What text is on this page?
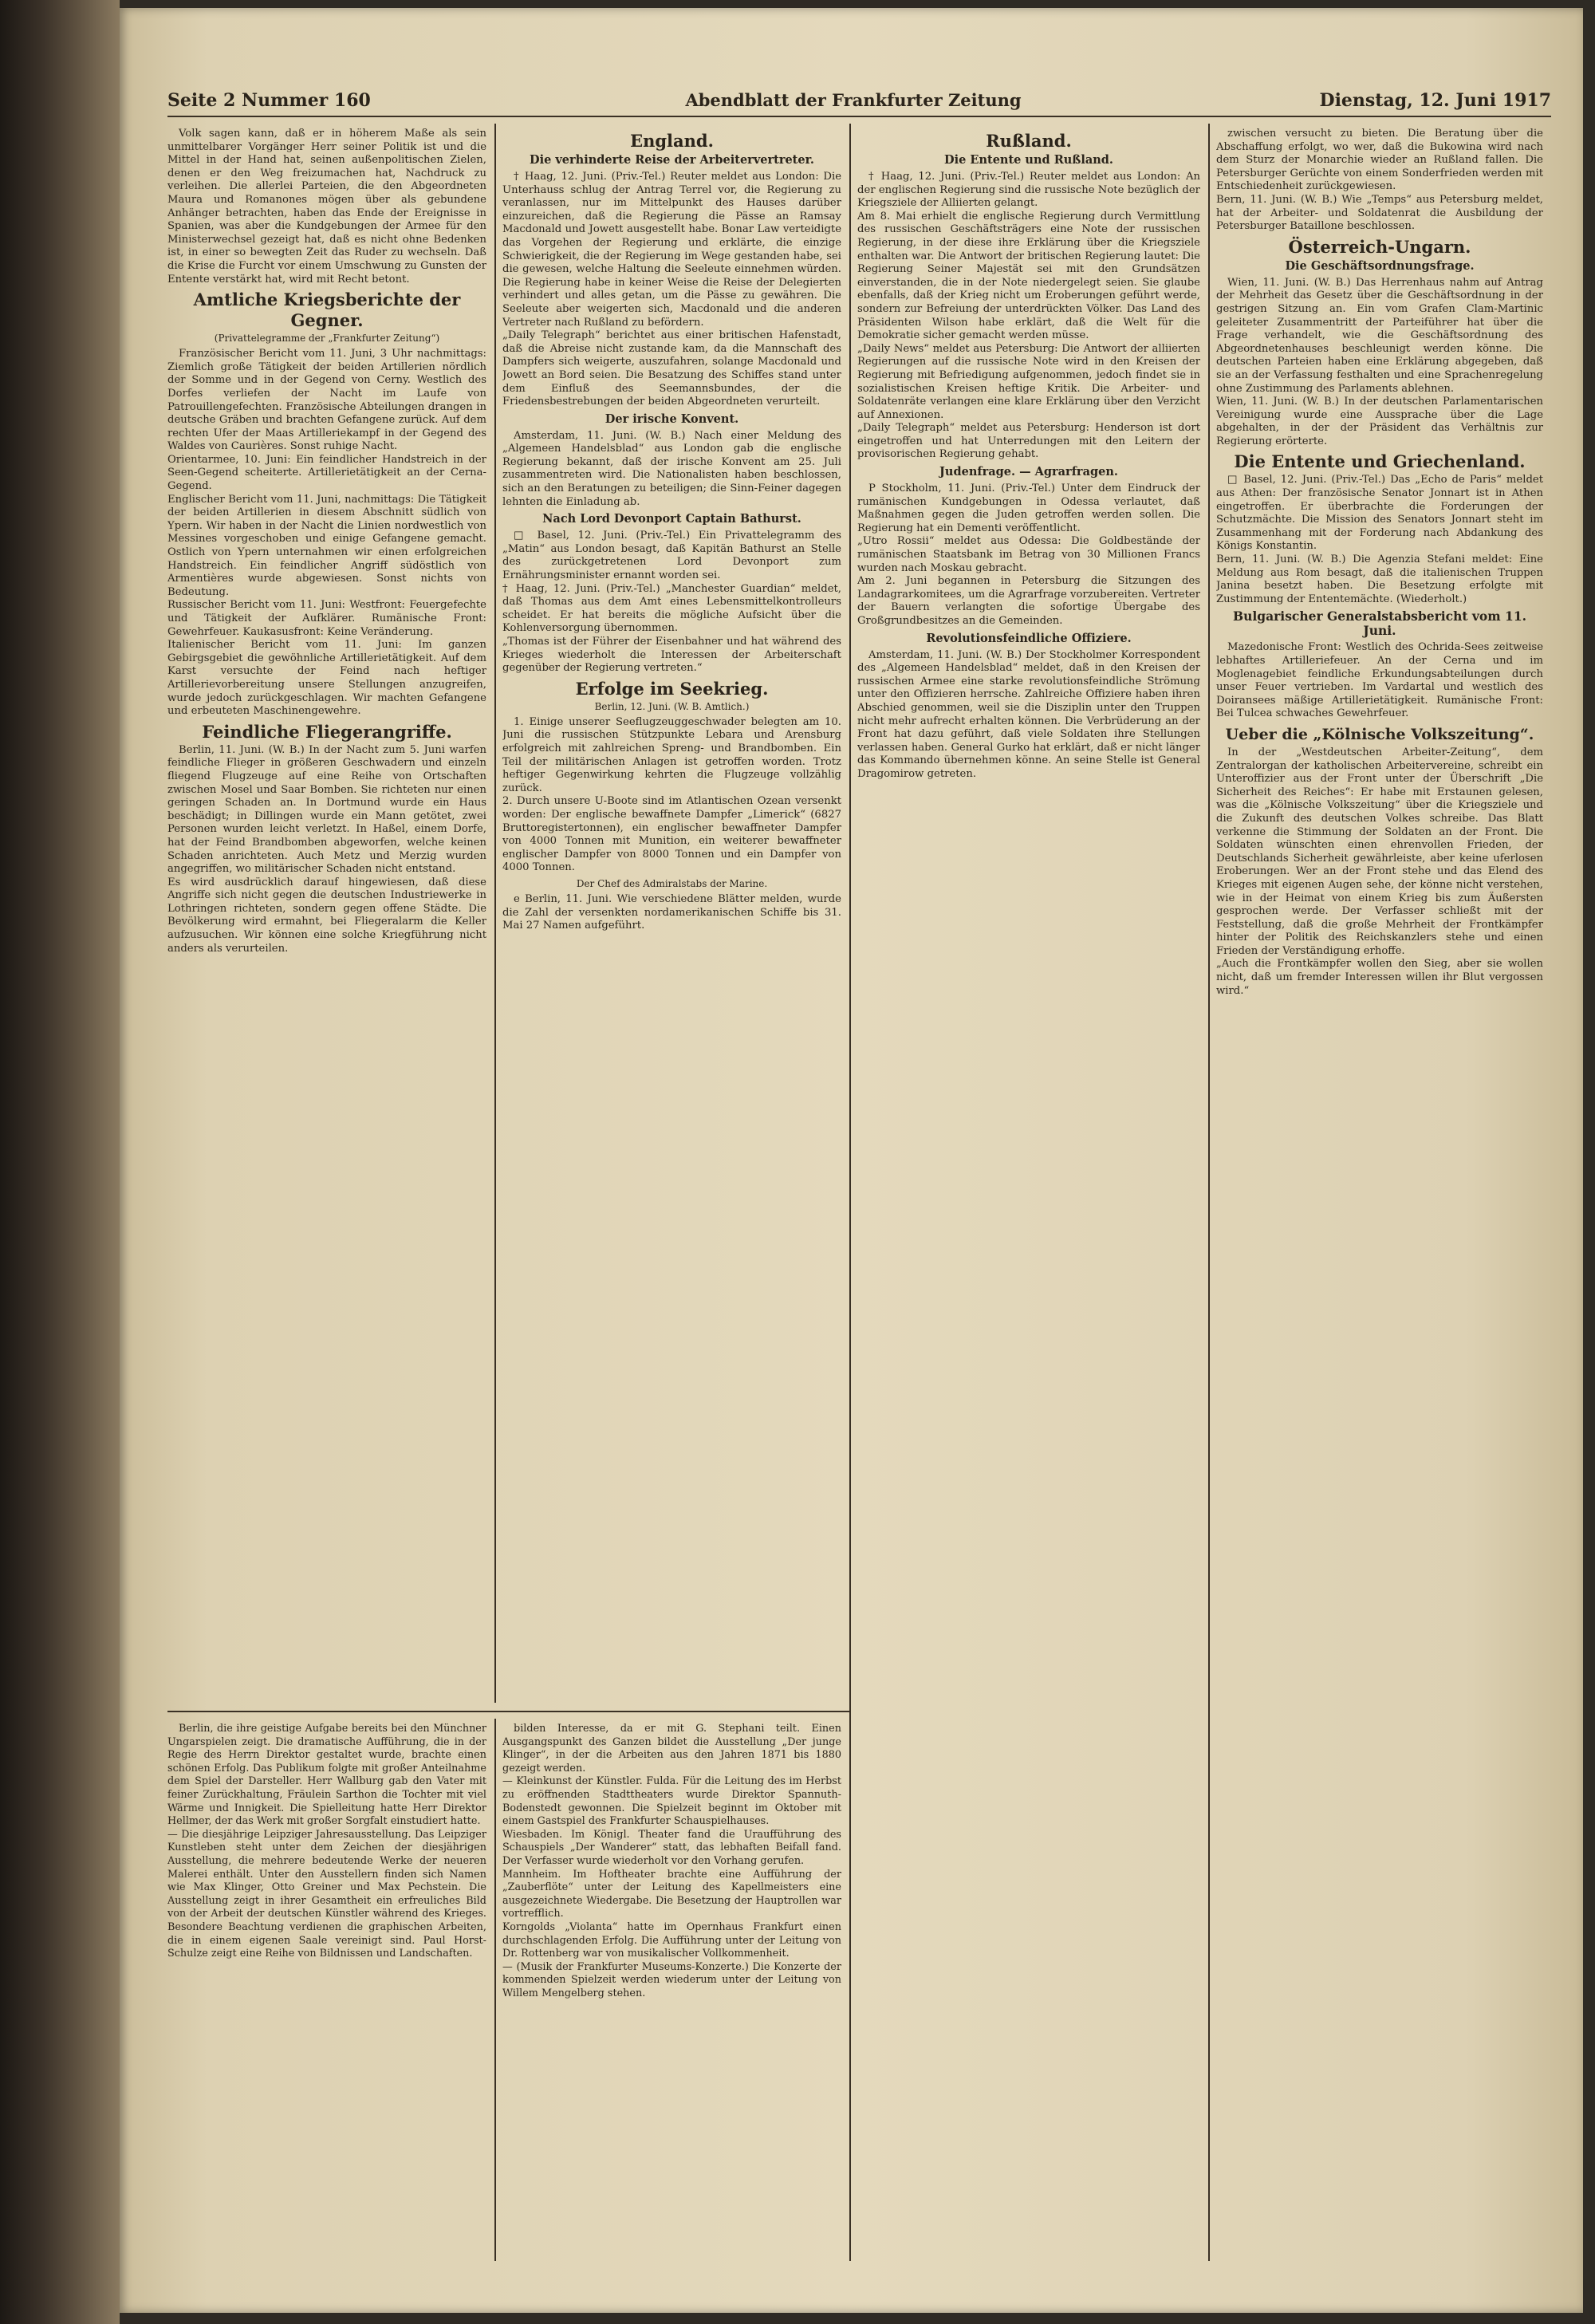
Seite 2 Nummer 160	Abendblatt der Frankfurter Zeitung	Dienstag, 12. Juni 1917

Volk sagen kann, daß er in höherem Maße als sein unmittelbarer Vorgänger Herr seiner Politik ist und die Mittel in der Hand hat, seinen außenpolitischen Zielen, denen er den Weg freizumachen hat, Nachdruck zu verleihen. Die allerlei Parteien, die den Abgeordneten Maura und Romanones mögen über als gebundene Anhänger betrachten, haben das Ende der Ereignisse in Spanien, was aber die Kundgebungen der Armee für den Ministerwechsel gezeigt hat, daß es nicht ohne Bedenken ist, in einer so bewegten Zeit das Ruder zu wechseln. Daß die Krise die Furcht vor einem Umschwung zu Gunsten der Entente verstärkt hat, wird mit Recht betont.

Amtliche Kriegsberichte der Gegner.
(Privattelegramme der „Frankfurter Zeitung“)

Französischer Bericht vom 11. Juni, 3 Uhr nachmittags: Ziemlich große Tätigkeit der beiden Artillerien nördlich der Somme und in der Gegend von Cerny. Westlich des Dorfes verliefen der Nacht im Laufe von Patrouillengefechten. Französische Abteilungen drangen in deutsche Gräben und brachten Gefangene zurück. Auf dem rechten Ufer der Maas Artilleriekampf in der Gegend des Waldes von Caurières. Sonst ruhige Nacht.
Orientarmee, 10. Juni: Ein feindlicher Handstreich in der Seen-Gegend scheiterte. Artillerietätigkeit an der Cerna-Gegend.
Englischer Bericht vom 11. Juni, nachmittags: Die Tätigkeit der beiden Artillerien in diesem Abschnitt südlich von Ypern. Wir haben in der Nacht die Linien nordwestlich von Messines vorgeschoben und einige Gefangene gemacht. Ostlich von Ypern unternahmen wir einen erfolgreichen Handstreich. Ein feindlicher Angriff südöstlich von Armentières wurde abgewiesen. Sonst nichts von Bedeutung.
Russischer Bericht vom 11. Juni: Westfront: Feuergefechte und Tätigkeit der Aufklärer. Rumänische Front: Gewehrfeuer. Kaukasusfront: Keine Veränderung.
Italienischer Bericht vom 11. Juni: Im ganzen Gebirgsgebiet die gewöhnliche Artillerietätigkeit. Auf dem Karst versuchte der Feind nach heftiger Artillerievorbereitung unsere Stellungen anzugreifen, wurde jedoch zurückgeschlagen. Wir machten Gefangene und erbeuteten Maschinengewehre.

Feindliche Fliegerangriffe.

Berlin, 11. Juni. (W. B.) In der Nacht zum 5. Juni warfen feindliche Flieger in größeren Geschwadern und einzeln fliegend Flugzeuge auf eine Reihe von Ortschaften zwischen Mosel und Saar Bomben. Sie richteten nur einen geringen Schaden an. In Dortmund wurde ein Haus beschädigt; in Dillingen wurde ein Mann getötet, zwei Personen wurden leicht verletzt. In Haßel, einem Dorfe, hat der Feind Brandbomben abgeworfen, welche keinen Schaden anrichteten. Auch Metz und Merzig wurden angegriffen, wo militärischer Schaden nicht entstand.
Es wird ausdrücklich darauf hingewiesen, daß diese Angriffe sich nicht gegen die deutschen Industriewerke in Lothringen richteten, sondern gegen offene Städte. Die Bevölkerung wird ermahnt, bei Fliegeralarm die Keller aufzusuchen. Wir können eine solche Kriegführung nicht anders als verurteilen.

England.
Die verhinderte Reise der Arbeitervertreter.

† Haag, 12. Juni. (Priv.-Tel.) Reuter meldet aus London: Die Unterhauss schlug der Antrag Terrel vor, die Regierung zu veranlassen, nur im Mittelpunkt des Hauses darüber einzureichen, daß die Regierung die Pässe an Ramsay Macdonald und Jowett ausgestellt habe. Bonar Law verteidigte das Vorgehen der Regierung und erklärte, die einzige Schwierigkeit, die der Regierung im Wege gestanden habe, sei die gewesen, welche Haltung die Seeleute einnehmen würden. Die Regierung habe in keiner Weise die Reise der Delegierten verhindert und alles getan, um die Pässe zu gewähren. Die Seeleute aber weigerten sich, Macdonald und die anderen Vertreter nach Rußland zu befördern.
„Daily Telegraph“ berichtet aus einer britischen Hafenstadt, daß die Abreise nicht zustande kam, da die Mannschaft des Dampfers sich weigerte, auszufahren, solange Macdonald und Jowett an Bord seien. Die Besatzung des Schiffes stand unter dem Einfluß des Seemannsbundes, der die Friedensbestrebungen der beiden Abgeordneten verurteilt.

Der irische Konvent.

Amsterdam, 11. Juni. (W. B.) Nach einer Meldung des „Algemeen Handelsblad“ aus London gab die englische Regierung bekannt, daß der irische Konvent am 25. Juli zusammentreten wird. Die Nationalisten haben beschlossen, sich an den Beratungen zu beteiligen; die Sinn-Feiner dagegen lehnten die Einladung ab.

Nach Lord Devonport Captain Bathurst.

□ Basel, 12. Juni. (Priv.-Tel.) Ein Privattelegramm des „Matin“ aus London besagt, daß Kapitän Bathurst an Stelle des zurückgetretenen Lord Devonport zum Ernährungsminister ernannt worden sei.
† Haag, 12. Juni. (Priv.-Tel.) „Manchester Guardian“ meldet, daß Thomas aus dem Amt eines Lebensmittelkontrolleurs scheidet. Er hat bereits die mögliche Aufsicht über die Kohlenversorgung übernommen.
„Thomas ist der Führer der Eisenbahner und hat während des Krieges wiederholt die Interessen der Arbeiterschaft gegenüber der Regierung vertreten.“

Erfolge im Seekrieg.
Berlin, 12. Juni. (W. B. Amtlich.)

1. Einige unserer Seeflugzeuggeschwader belegten am 10. Juni die russischen Stützpunkte Lebara und Arensburg erfolgreich mit zahlreichen Spreng- und Brandbomben. Ein Teil der militärischen Anlagen ist getroffen worden. Trotz heftiger Gegenwirkung kehrten die Flugzeuge vollzählig zurück.
2. Durch unsere U-Boote sind im Atlantischen Ozean versenkt worden: Der englische bewaffnete Dampfer „Limerick“ (6827 Bruttoregistertonnen), ein englischer bewaffneter Dampfer von 4000 Tonnen mit Munition, ein weiterer bewaffneter englischer Dampfer von 8000 Tonnen und ein Dampfer von 4000 Tonnen.

Der Chef des Admiralstabs der Marine.

e Berlin, 11. Juni. Wie verschiedene Blätter melden, wurde die Zahl der versenkten nordamerikanischen Schiffe bis 31. Mai 27 Namen aufgeführt.

Rußland.
Die Entente und Rußland.

† Haag, 12. Juni. (Priv.-Tel.) Reuter meldet aus London: An der englischen Regierung sind die russische Note bezüglich der Kriegsziele der Alliierten gelangt.
Am 8. Mai erhielt die englische Regierung durch Vermittlung des russischen Geschäftsträgers eine Note der russischen Regierung, in der diese ihre Erklärung über die Kriegsziele enthalten war. Die Antwort der britischen Regierung lautet: Die Regierung Seiner Majestät sei mit den Grundsätzen einverstanden, die in der Note niedergelegt seien. Sie glaube ebenfalls, daß der Krieg nicht um Eroberungen geführt werde, sondern zur Befreiung der unterdrückten Völker. Das Land des Präsidenten Wilson habe erklärt, daß die Welt für die Demokratie sicher gemacht werden müsse.
„Daily News“ meldet aus Petersburg: Die Antwort der alliierten Regierungen auf die russische Note wird in den Kreisen der Regierung mit Befriedigung aufgenommen, jedoch findet sie in sozialistischen Kreisen heftige Kritik. Die Arbeiter- und Soldatenräte verlangen eine klare Erklärung über den Verzicht auf Annexionen.
„Daily Telegraph“ meldet aus Petersburg: Henderson ist dort eingetroffen und hat Unterredungen mit den Leitern der provisorischen Regierung gehabt.

Judenfrage. — Agrarfragen.

P Stockholm, 11. Juni. (Priv.-Tel.) Unter dem Eindruck der rumänischen Kundgebungen in Odessa verlautet, daß Maßnahmen gegen die Juden getroffen werden sollen. Die Regierung hat ein Dementi veröffentlicht.
„Utro Rossii“ meldet aus Odessa: Die Goldbestände der rumänischen Staatsbank im Betrag von 30 Millionen Francs wurden nach Moskau gebracht.
Am 2. Juni begannen in Petersburg die Sitzungen des Landagrarkomitees, um die Agrarfrage vorzubereiten. Vertreter der Bauern verlangten die sofortige Übergabe des Großgrundbesitzes an die Gemeinden.

Revolutionsfeindliche Offiziere.

Amsterdam, 11. Juni. (W. B.) Der Stockholmer Korrespondent des „Algemeen Handelsblad“ meldet, daß in den Kreisen der russischen Armee eine starke revolutionsfeindliche Strömung unter den Offizieren herrsche. Zahlreiche Offiziere haben ihren Abschied genommen, weil sie die Disziplin unter den Truppen nicht mehr aufrecht erhalten können. Die Verbrüderung an der Front hat dazu geführt, daß viele Soldaten ihre Stellungen verlassen haben. General Gurko hat erklärt, daß er nicht länger das Kommando übernehmen könne. An seine Stelle ist General Dragomirow getreten.

zwischen versucht zu bieten. Die Beratung über die Abschaffung erfolgt, wo wer, daß die Bukowina wird nach dem Sturz der Monarchie wieder an Rußland fallen. Die Petersburger Gerüchte von einem Sonderfrieden werden mit Entschiedenheit zurückgewiesen.
Bern, 11. Juni. (W. B.) Wie „Temps“ aus Petersburg meldet, hat der Arbeiter- und Soldatenrat die Ausbildung der Petersburger Bataillone beschlossen.

Österreich-Ungarn.
Die Geschäftsordnungsfrage.

Wien, 11. Juni. (W. B.) Das Herrenhaus nahm auf Antrag der Mehrheit das Gesetz über die Geschäftsordnung in der gestrigen Sitzung an. Ein vom Grafen Clam-Martinic geleiteter Zusammentritt der Parteiführer hat über die Frage verhandelt, wie die Geschäftsordnung des Abgeordnetenhauses beschleunigt werden könne. Die deutschen Parteien haben eine Erklärung abgegeben, daß sie an der Verfassung festhalten und eine Sprachenregelung ohne Zustimmung des Parlaments ablehnen.
Wien, 11. Juni. (W. B.) In der deutschen Parlamentarischen Vereinigung wurde eine Aussprache über die Lage abgehalten, in der der Präsident das Verhältnis zur Regierung erörterte.

Die Entente und Griechenland.

□ Basel, 12. Juni. (Priv.-Tel.) Das „Echo de Paris“ meldet aus Athen: Der französische Senator Jonnart ist in Athen eingetroffen. Er überbrachte die Forderungen der Schutzmächte. Die Mission des Senators Jonnart steht im Zusammenhang mit der Forderung nach Abdankung des Königs Konstantin.
Bern, 11. Juni. (W. B.) Die Agenzia Stefani meldet: Eine Meldung aus Rom besagt, daß die italienischen Truppen Janina besetzt haben. Die Besetzung erfolgte mit Zustimmung der Ententemächte. (Wiederholt.)

Bulgarischer Generalstabsbericht vom 11. Juni.

Mazedonische Front: Westlich des Ochrida-Sees zeitweise lebhaftes Artilleriefeuer. An der Cerna und im Moglenagebiet feindliche Erkundungsabteilungen durch unser Feuer vertrieben. Im Vardartal und westlich des Doiransees mäßige Artillerietätigkeit. Rumänische Front: Bei Tulcea schwaches Gewehrfeuer.

Ueber die „Kölnische Volkszeitung“.

In der „Westdeutschen Arbeiter-Zeitung“, dem Zentralorgan der katholischen Arbeitervereine, schreibt ein Unteroffizier aus der Front unter der Überschrift „Die Sicherheit des Reiches“: Er habe mit Erstaunen gelesen, was die „Kölnische Volkszeitung“ über die Kriegsziele und die Zukunft des deutschen Volkes schreibe. Das Blatt verkenne die Stimmung der Soldaten an der Front. Die Soldaten wünschten einen ehrenvollen Frieden, der Deutschlands Sicherheit gewährleiste, aber keine uferlosen Eroberungen. Wer an der Front stehe und das Elend des Krieges mit eigenen Augen sehe, der könne nicht verstehen, wie in der Heimat von einem Krieg bis zum Äußersten gesprochen werde. Der Verfasser schließt mit der Feststellung, daß die große Mehrheit der Frontkämpfer hinter der Politik des Reichskanzlers stehe und einen Frieden der Verständigung erhoffe.
„Auch die Frontkämpfer wollen den Sieg, aber sie wollen nicht, daß um fremder Interessen willen ihr Blut vergossen wird.“

Berlin, die ihre geistige Aufgabe bereits bei den Münchner Ungarspielen zeigt. Die dramatische Aufführung, die in der Regie des Herrn Direktor gestaltet wurde, brachte einen schönen Erfolg. Das Publikum folgte mit großer Anteilnahme dem Spiel der Darsteller. Herr Wallburg gab den Vater mit feiner Zurückhaltung, Fräulein Sarthon die Tochter mit viel Wärme und Innigkeit. Die Spielleitung hatte Herr Direktor Hellmer, der das Werk mit großer Sorgfalt einstudiert hatte.
— Die diesjährige Leipziger Jahresausstellung. Das Leipziger Kunstleben steht unter dem Zeichen der diesjährigen Ausstellung, die mehrere bedeutende Werke der neueren Malerei enthält. Unter den Ausstellern finden sich Namen wie Max Klinger, Otto Greiner und Max Pechstein. Die Ausstellung zeigt in ihrer Gesamtheit ein erfreuliches Bild von der Arbeit der deutschen Künstler während des Krieges. Besondere Beachtung verdienen die graphischen Arbeiten, die in einem eigenen Saale vereinigt sind. Paul Horst-Schulze zeigt eine Reihe von Bildnissen und Landschaften.

bilden Interesse, da er mit G. Stephani teilt. Einen Ausgangspunkt des Ganzen bildet die Ausstellung „Der junge Klinger“, in der die Arbeiten aus den Jahren 1871 bis 1880 gezeigt werden.
— Kleinkunst der Künstler. Fulda. Für die Leitung des im Herbst zu eröffnenden Stadttheaters wurde Direktor Spannuth-Bodenstedt gewonnen. Die Spielzeit beginnt im Oktober mit einem Gastspiel des Frankfurter Schauspielhauses.
Wiesbaden. Im Königl. Theater fand die Uraufführung des Schauspiels „Der Wanderer“ statt, das lebhaften Beifall fand. Der Verfasser wurde wiederholt vor den Vorhang gerufen.
Mannheim. Im Hoftheater brachte eine Aufführung der „Zauberflöte“ unter der Leitung des Kapellmeisters eine ausgezeichnete Wiedergabe. Die Besetzung der Hauptrollen war vortrefflich.
Korngolds „Violanta“ hatte im Opernhaus Frankfurt einen durchschlagenden Erfolg. Die Aufführung unter der Leitung von Dr. Rottenberg war von musikalischer Vollkommenheit.
— (Musik der Frankfurter Museums-Konzerte.) Die Konzerte der kommenden Spielzeit werden wiederum unter der Leitung von Willem Mengelberg stehen.
